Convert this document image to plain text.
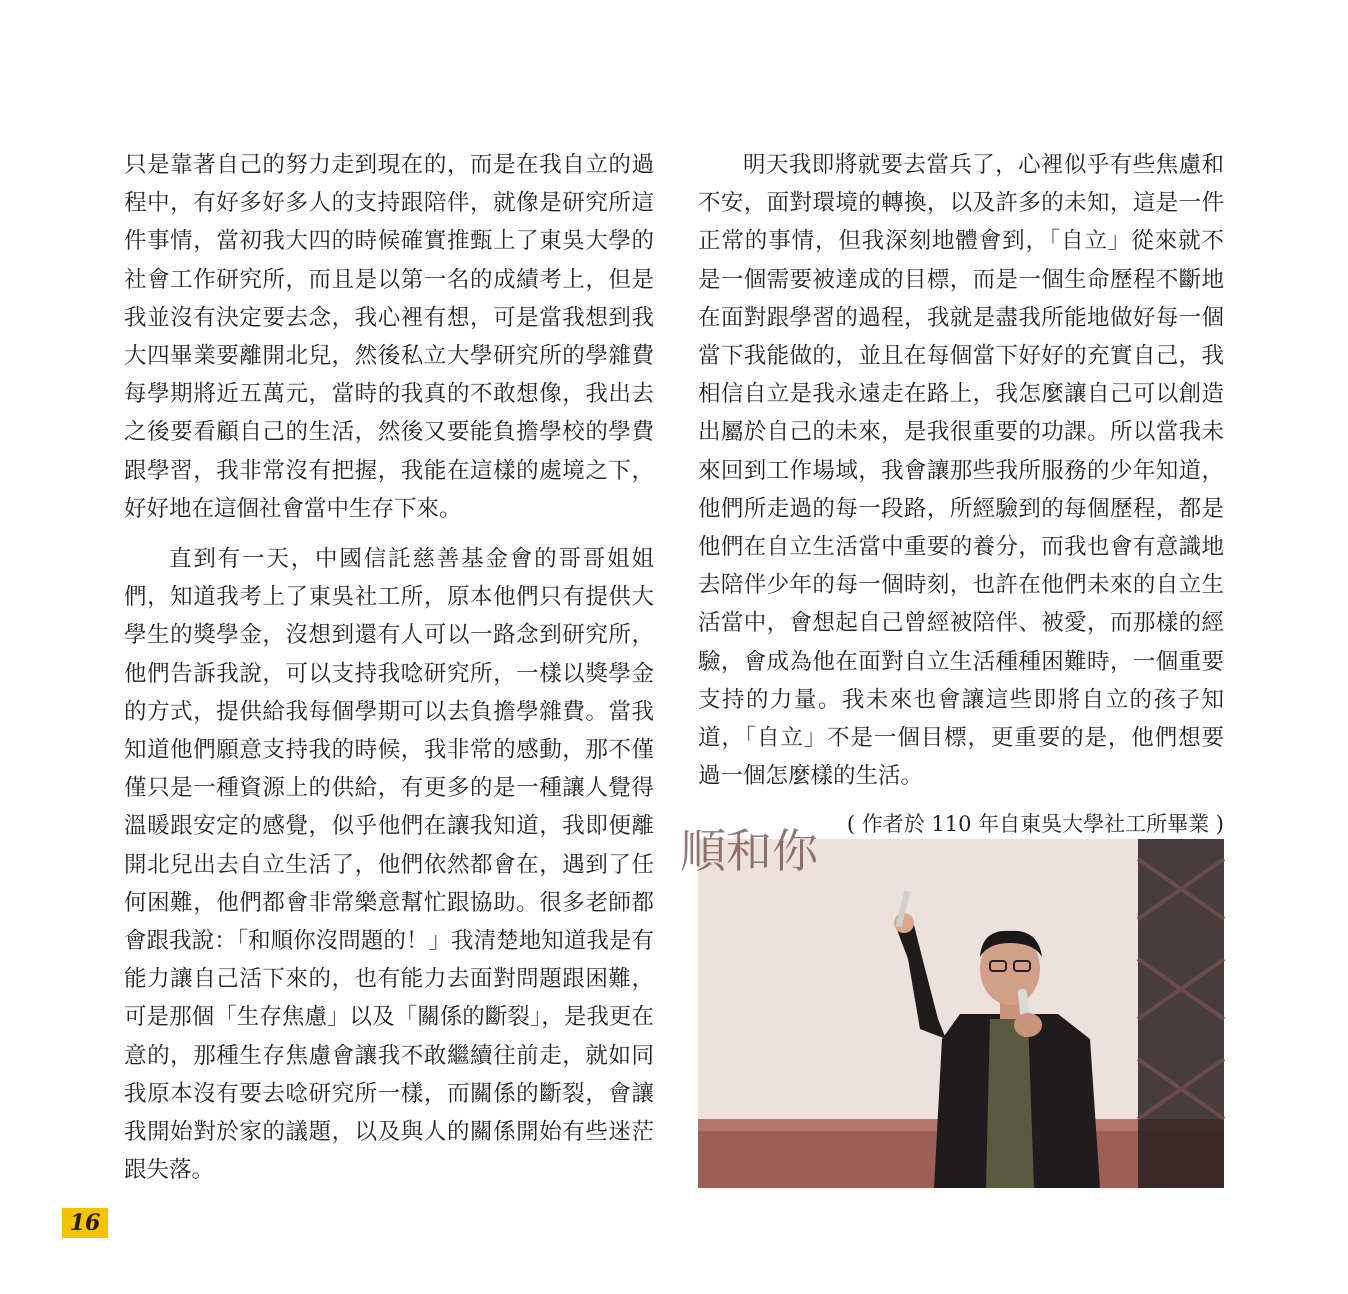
只是靠著自己的努力走到現在的，而是在我自立的過程中，有好多好多人的支持跟陪伴，就像是研究所這件事情，當初我大四的時候確實推甄上了東吳大學的社會工作研究所，而且是以第一名的成績考上，但是我並沒有決定要去念，我心裡有想，可是當我想到我大四畢業要離開北兒，然後私立大學研究所的學雜費每學期將近五萬元，當時的我真的不敢想像，我出去之後要看顧自己的生活，然後又要能負擔學校的學費跟學習，我非常沒有把握，我能在這樣的處境之下，好好地在這個社會當中生存下來。

直到有一天，中國信託慈善基金會的哥哥姐姐們，知道我考上了東吳社工所，原本他們只有提供大學生的獎學金，沒想到還有人可以一路念到研究所，他們告訴我說，可以支持我唸研究所，一樣以獎學金的方式，提供給我每個學期可以去負擔學雜費。當我知道他們願意支持我的時候，我非常的感動，那不僅僅只是一種資源上的供給，有更多的是一種讓人覺得溫暖跟安定的感覺，似乎他們在讓我知道，我即便離開北兒出去自立生活了，他們依然都會在，遇到了任何困難，他們都會非常樂意幫忙跟協助。很多老師都會跟我說：「和順你沒問題的！」我清楚地知道我是有能力讓自己活下來的，也有能力去面對問題跟困難，可是那個「生存焦慮」以及「關係的斷裂」，是我更在意的，那種生存焦慮會讓我不敢繼續往前走，就如同我原本沒有要去唸研究所一樣，而關係的斷裂，會讓我開始對於家的議題，以及與人的關係開始有些迷茫跟失落。

明天我即將就要去當兵了，心裡似乎有些焦慮和不安，面對環境的轉換，以及許多的未知，這是一件正常的事情，但我深刻地體會到，「自立」從來就不是一個需要被達成的目標，而是一個生命歷程不斷地在面對跟學習的過程，我就是盡我所能地做好每一個當下我能做的，並且在每個當下好好的充實自己，我相信自立是我永遠走在路上，我怎麼讓自己可以創造出屬於自己的未來，是我很重要的功課。所以當我未來回到工作場域，我會讓那些我所服務的少年知道，他們所走過的每一段路，所經驗到的每個歷程，都是他們在自立生活當中重要的養分，而我也會有意識地去陪伴少年的每一個時刻，也許在他們未來的自立生活當中，會想起自己曾經被陪伴、被愛，而那樣的經驗，會成為他在面對自立生活種種困難時，一個重要支持的力量。我未來也會讓這些即將自立的孩子知道，「自立」不是一個目標，更重要的是，他們想要過一個怎麼樣的生活。

( 作者於 110 年自東吳大學社工所畢業 )

順和你
16
